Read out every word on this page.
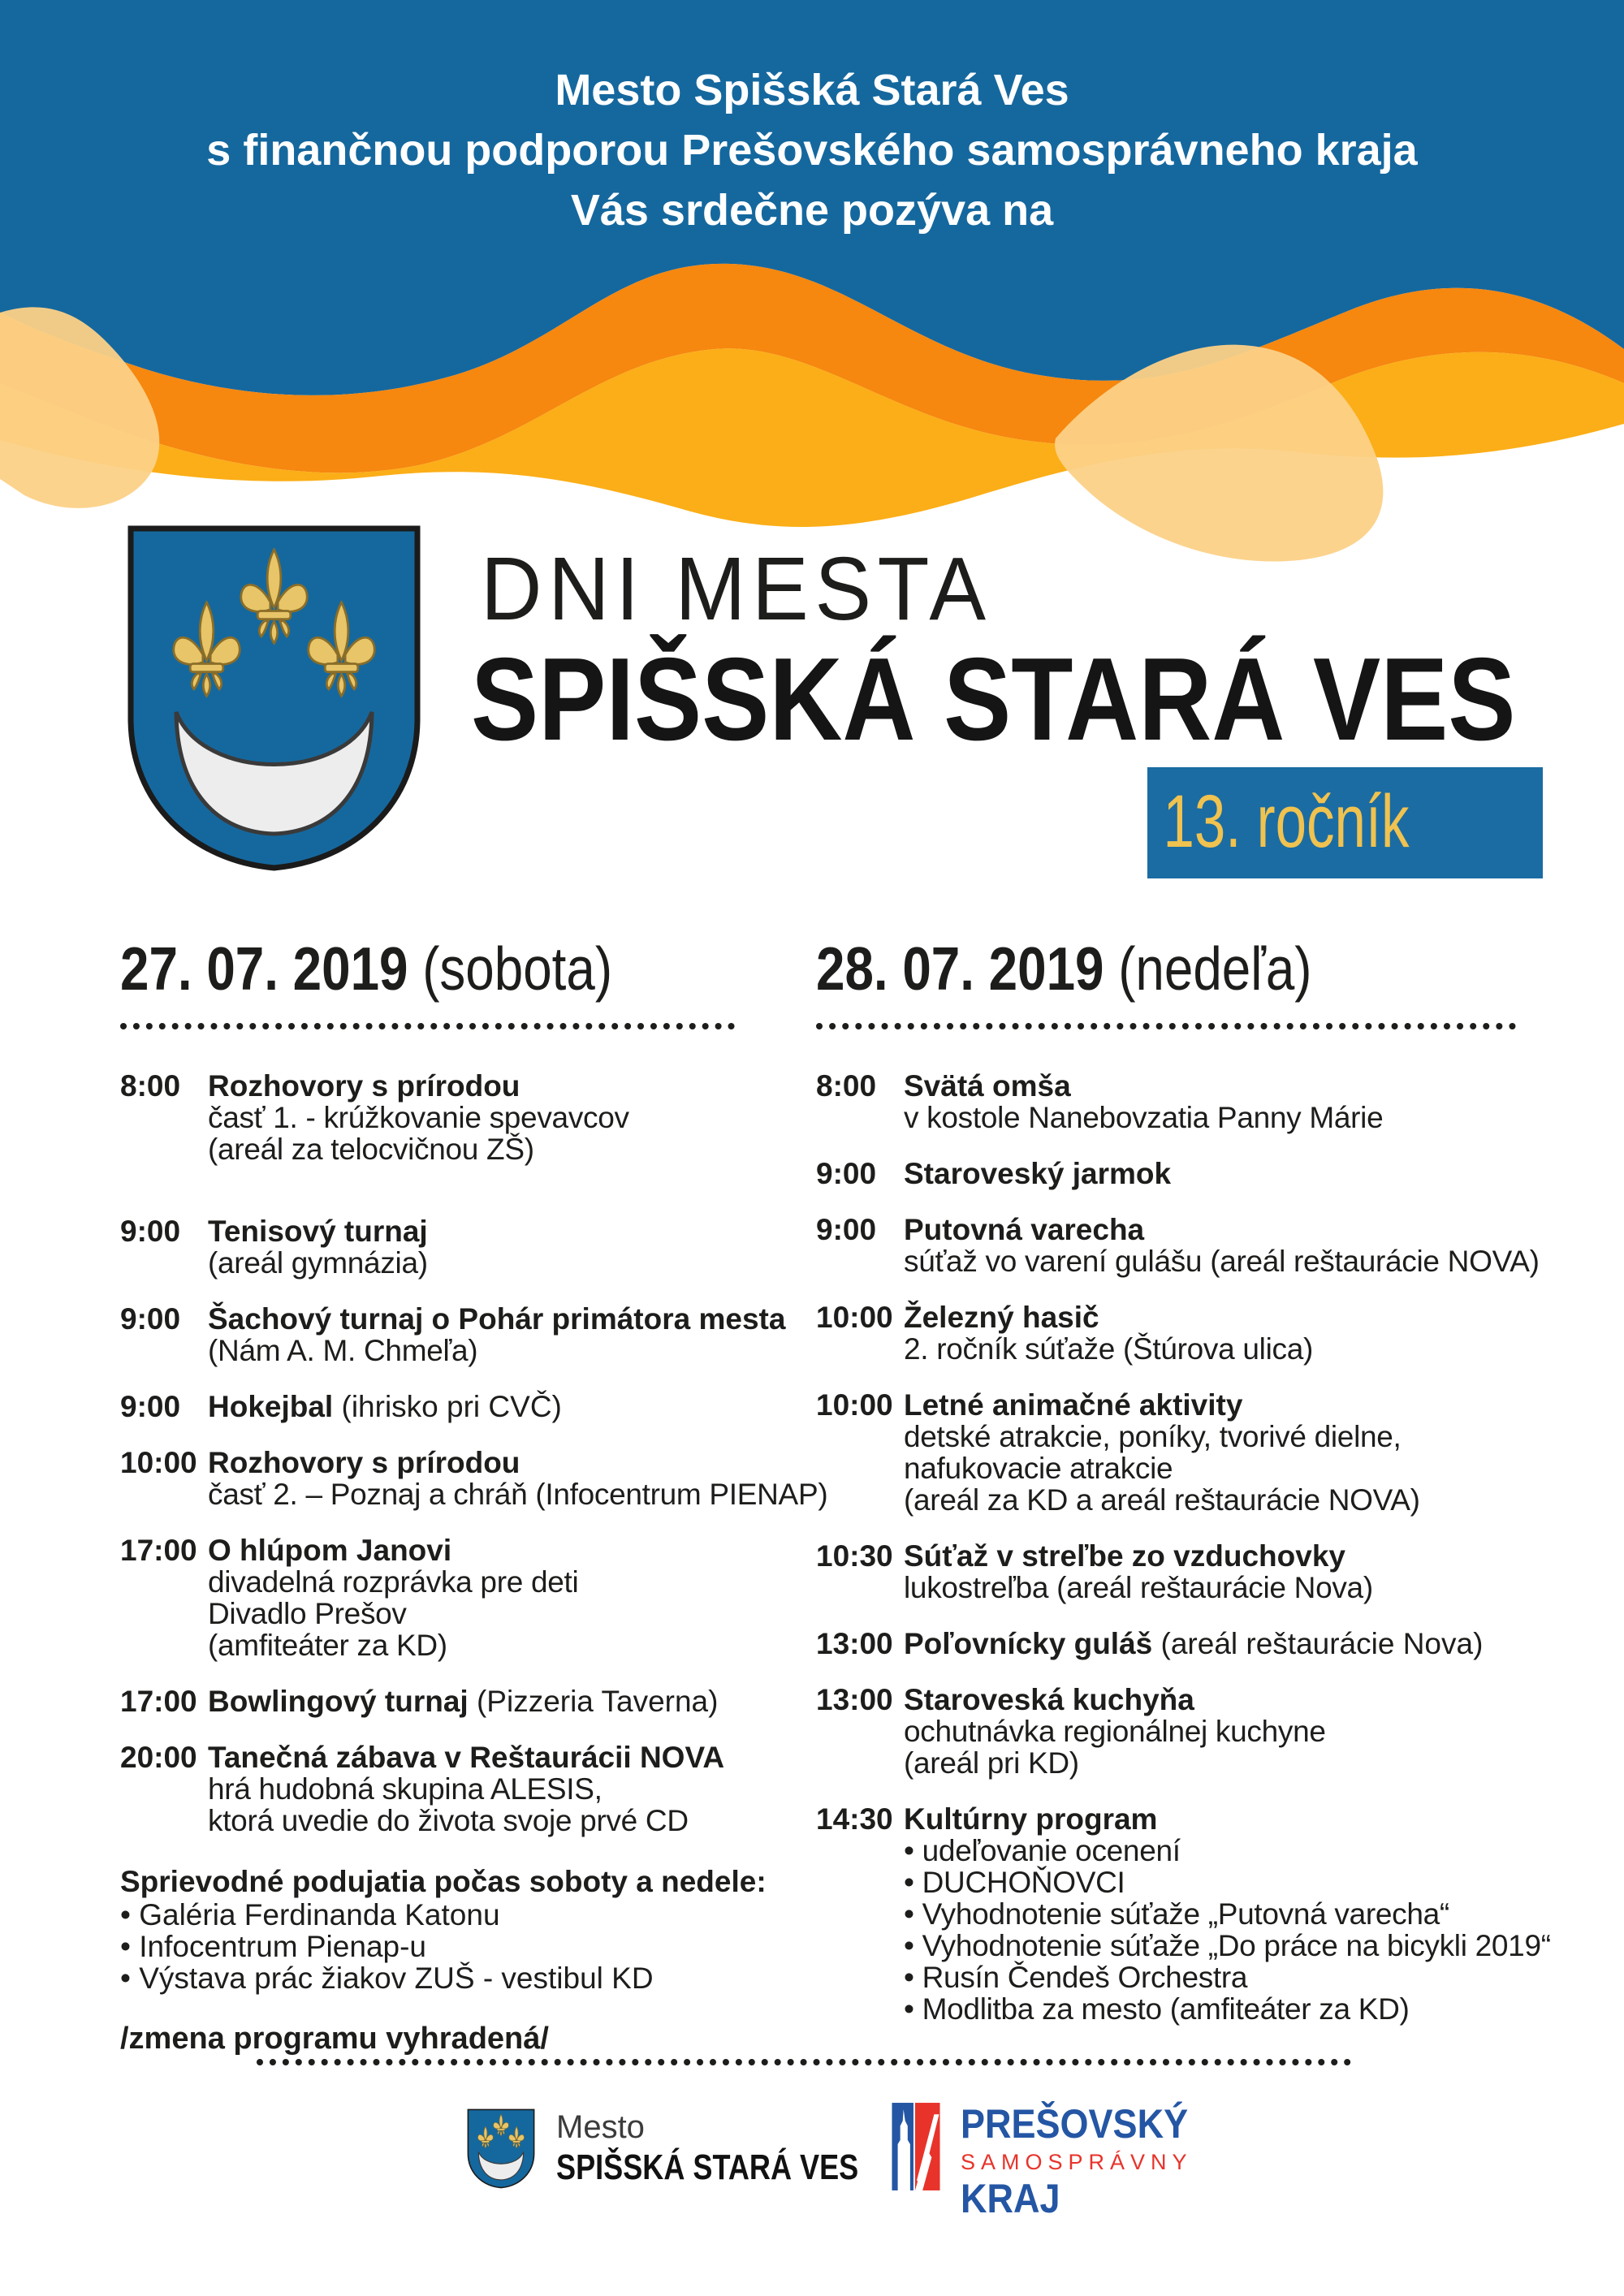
Mesto Spišská Stará Ves
s finančnou podporou Prešovského samosprávneho kraja
Vás srdečne pozýva na
DNI MESTA
SPIŠSKÁ STARÁ VES
13. ročník
27. 07. 2019 (sobota)
8:00 Rozhovory s prírodou
časť 1. - krúžkovanie spevavcov
(areál za telocvičnou ZŠ)
9:00 Tenisový turnaj
(areál gymnázia)
9:00 Šachový turnaj o Pohár primátora mesta
(Nám A. M. Chmeľa)
9:00 Hokejbal (ihrisko pri CVČ)
10:00 Rozhovory s prírodou
časť 2. – Poznaj a chráň (Infocentrum PIENAP)
17:00 O hlúpom Janovi
divadelná rozprávka pre deti
Divadlo Prešov
(amfiteáter za KD)
17:00 Bowlingový turnaj (Pizzeria Taverna)
20:00 Tanečná zábava v Reštaurácii NOVA
hrá hudobná skupina ALESIS,
ktorá uvedie do života svoje prvé CD
Sprievodné podujatia počas soboty a nedele:
• Galéria Ferdinanda Katonu
• Infocentrum Pienap-u
• Výstava prác žiakov ZUŠ - vestibul KD
/zmena programu vyhradená/
28. 07. 2019 (nedeľa)
8:00 Svätá omša
v kostole Nanebovzatia Panny Márie
9:00 Staroveský jarmok
9:00 Putovná varecha
súťaž vo varení gulášu (areál reštaurácie NOVA)
10:00 Železný hasič
2. ročník súťaže (Štúrova ulica)
10:00 Letné animačné aktivity
detské atrakcie, poníky, tvorivé dielne,
nafukovacie atrakcie
(areál za KD a areál reštaurácie NOVA)
10:30 Súťaž v streľbe zo vzduchovky
lukostreľba (areál reštaurácie Nova)
13:00 Poľovnícky guláš (areál reštaurácie Nova)
13:00 Staroveská kuchyňa
ochutnávka regionálnej kuchyne
(areál pri KD)
14:30 Kultúrny program
• udeľovanie ocenení
• DUCHOŇOVCI
• Vyhodnotenie súťaže „Putovná varecha“
• Vyhodnotenie súťaže „Do práce na bicykli 2019“
• Rusín Čendeš Orchestra
• Modlitba za mesto (amfiteáter za KD)
Mesto
SPIŠSKÁ STARÁ VES
PREŠOVSKÝ
SAMOSPRÁVNY
KRAJ
